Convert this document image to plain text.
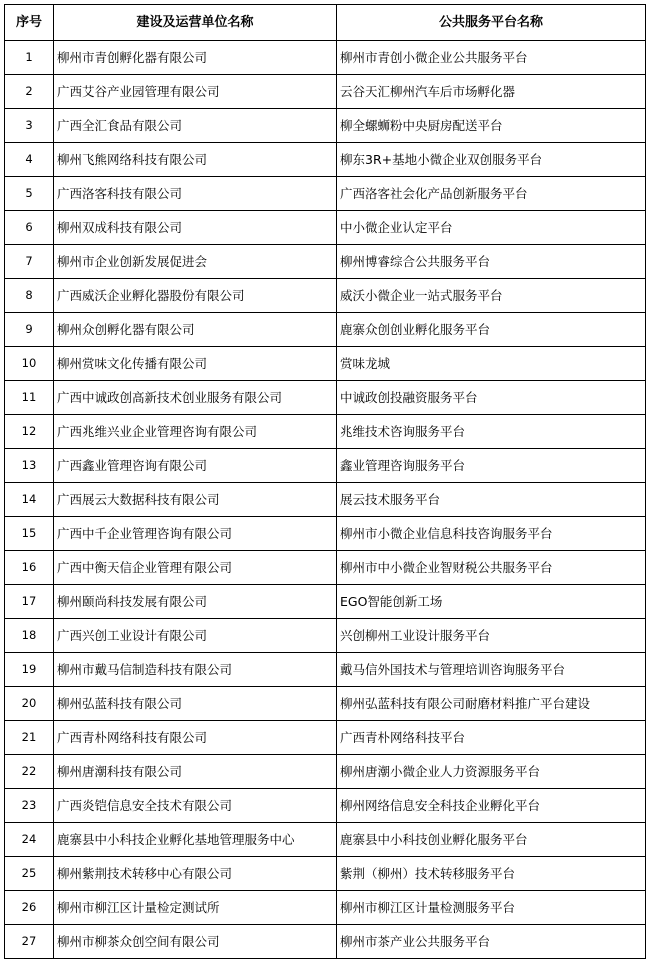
序号	建设及运营单位名称	公共服务平台名称
1	柳州市青创孵化器有限公司	柳州市青创小微企业公共服务平台
2	广西艾谷产业园管理有限公司	云谷天汇柳州汽车后市场孵化器
3	广西全汇食品有限公司	柳全螺蛳粉中央厨房配送平台
4	柳州飞熊网络科技有限公司	柳东3R+基地小微企业双创服务平台
5	广西洛客科技有限公司	广西洛客社会化产品创新服务平台
6	柳州双成科技有限公司	中小微企业认定平台
7	柳州市企业创新发展促进会	柳州博睿综合公共服务平台
8	广西威沃企业孵化器股份有限公司	威沃小微企业一站式服务平台
9	柳州众创孵化器有限公司	鹿寨众创创业孵化服务平台
10	柳州赏味文化传播有限公司	赏味龙城
11	广西中诚政创高新技术创业服务有限公司	中诚政创投融资服务平台
12	广西兆维兴业企业管理咨询有限公司	兆维技术咨询服务平台
13	广西鑫业管理咨询有限公司	鑫业管理咨询服务平台
14	广西展云大数据科技有限公司	展云技术服务平台
15	广西中千企业管理咨询有限公司	柳州市小微企业信息科技咨询服务平台
16	广西中衡天信企业管理有限公司	柳州市中小微企业智财税公共服务平台
17	柳州颐尚科技发展有限公司	EGO智能创新工场
18	广西兴创工业设计有限公司	兴创柳州工业设计服务平台
19	柳州市戴马信制造科技有限公司	戴马信外国技术与管理培训咨询服务平台
20	柳州弘蓝科技有限公司	柳州弘蓝科技有限公司耐磨材料推广平台建设
21	广西青朴网络科技有限公司	广西青朴网络科技平台
22	柳州唐潮科技有限公司	柳州唐潮小微企业人力资源服务平台
23	广西炎铠信息安全技术有限公司	柳州网络信息安全科技企业孵化平台
24	鹿寨县中小科技企业孵化基地管理服务中心	鹿寨县中小科技创业孵化服务平台
25	柳州紫荆技术转移中心有限公司	紫荆（柳州）技术转移服务平台
26	柳州市柳江区计量检定测试所	柳州市柳江区计量检测服务平台
27	柳州市柳茶众创空间有限公司	柳州市茶产业公共服务平台
